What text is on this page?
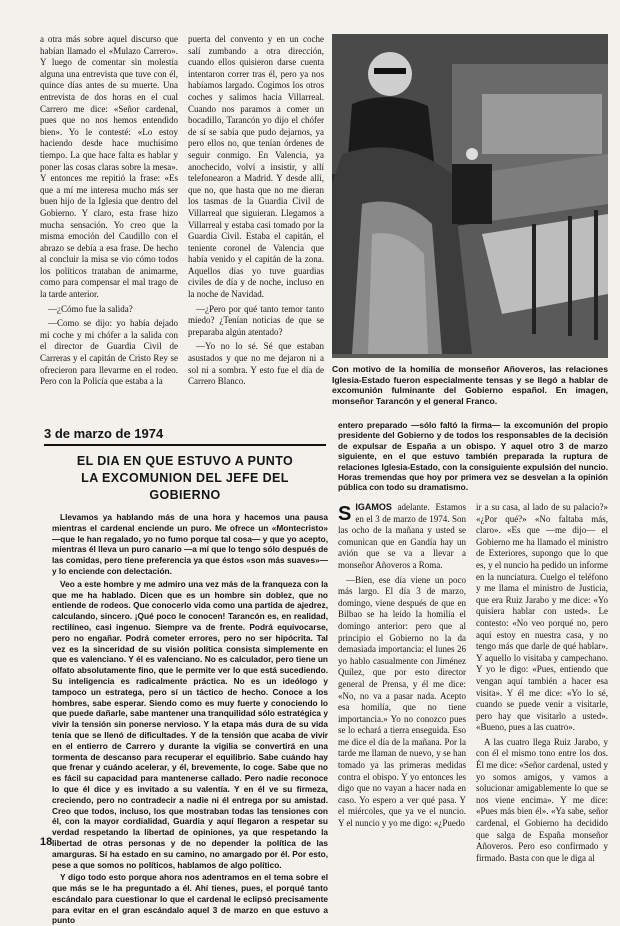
a otra más sobre aquel discurso que habían llamado el «Mulazo Carrero». Y luego de comentar sin molestia alguna una entrevista que tuve con él, quince días antes de su muerte. Una entrevista de dos horas en el cual Carrero me dice: «Señor cardenal, pues que no nos hemos entendido bien». Yo le contesté: «Lo estoy haciendo desde hace muchísimo tiempo. La que hace falta es hablar y poner las cosas claras sobre la mesa». Y entonces me repitió la frase: «Es que a mí me interesa mucho más ser buen hijo de la Iglesia que dentro del Gobierno. Y claro, esta frase hizo mucha sensación. Yo creo que la misma emoción del Caudillo con el abrazo se debía a esa frase. De hecho al concluir la misa se vio cómo todos los políticos trataban de animarme, como para compensar el mal trago de la tarde anterior.

—¿Cómo fue la salida?

—Como se dijo: yo había dejado mi coche y mi chófer a la salida con el director de Guardia Civil de Carreras y el capitán de Cristo Rey se ofrecieron para llevarme en el rodeo. Pero con la Policía que estaba a la

puerta del convento y en un coche salí zumbando a otra dirección, cuando ellos quisieron darse cuenta intentaron correr tras él, pero ya nos habíamos largado. Cogimos los otros coches y salimos hacia Villarreal. Cuando nos paramos a comer un bocadillo, Tarancón yo dijo el chófer de sí se sabía que pudo dejarnos, ya pero ellos no, que tenían órdenes de seguir conmigo. En Valencia, ya anochecido, volví a insistir, y allí telefonearon a Madrid. Y desde allí, que no, que hasta que no me dieran los tasmas de la Guardia Civil de Villarreal que siguieran. Llegamos a Villarreal y estaba casi tomado por la Guardia Civil. Estaba el capitán, el teniente coronel de Valencia que había venido y el capitán de la zona. Aquellos días yo tuve guardias civiles de día y de noche, incluso en la noche de Navidad.

—¿Pero por qué tanto temor tanto miedo? ¿Tenían noticias de que se preparaba algún atentado?

—Yo no lo sé. Sé que estaban asustados y que no me dejaron ni a sol ni a sombra. Y esto fue el día de Carrero Blanco.

Con motivo de la homilía de monseñor Añoveros, las relaciones Iglesia-Estado fueron especialmente tensas y se llegó a hablar de excomunión fulminante del Gobierno español. En imagen, monseñor Tarancón y el general Franco.
3 de marzo de 1974
EL DIA EN QUE ESTUVO A PUNTO
LA EXCOMUNION DEL JEFE DEL GOBIERNO

Llevamos ya hablando más de una hora y hacemos una pausa mientras el cardenal enciende un puro. Me ofrece un «Montecristo» —que le han regalado, yo no fumo porque tal cosa— y que yo acepto, mientras él lleva un puro canario —a mí que lo tengo sólo después de las comidas, pero tiene preferencia ya que éstos «son más suaves»— y lo enciende con delectación.

Veo a este hombre y me admiro una vez más de la franqueza con la que me ha hablado. Dicen que es un hombre sin doblez, que no entiende de rodeos. Que conocerlo vida como una partida de ajedrez, calculando, sincero. ¡Qué poco le conocen! Tarancón es, en realidad, rectilíneo, casi ingenuo. Siempre va de frente. Podrá equivocarse, pero no engañar. Podrá cometer errores, pero no ser hipócrita. Tal vez es la sinceridad de su visión política consista simplemente en que es valenciano. Y él es valenciano. No es calculador, pero tiene un olfato absolutamente fino, que le permite ver lo que está sucediendo. Su inteligencia es radicalmente práctica. No es un ideólogo y tampoco un estratega, pero sí un táctico de hecho. Conoce a los hombres, sabe esperar. Siendo como es muy fuerte y conociendo lo que puede dañarle, sabe mantener una tranquilidad sólo estratégica y vivir la tensión sin ponerse nervioso. Y la etapa más dura de su vida tenía que se llenó de dificultades. Y de la tensión que acaba de vivir en el entierro de Carrero y durante la vigilia se convertirá en una tormenta de descanso para recuperar el equilibrio. Sabe cuándo hay que frenar y cuándo acelerar, y él, brevemente, lo coge. Sabe que no es fácil su capacidad para mantenerse callado. Pero nadie reconoce lo que él dice y es invitado a su valentía. Y en él ve su firmeza, creciendo, pero no contradecir a nadie ni él entrega por su amistad. Creo que todos, incluso, los que mostraban todas las tensiones con él, con la mayor cordialidad, Guardia y aquí llegaron a respetar su verdad respetando la libertad de opiniones, ya que respetando la libertad de otras personas y de no depender la política de las amarguras. Sí ha estado en su camino, no amargado por él. Por esto, pese a que somos no políticos, hablamos de algo político.

Y digo todo esto porque ahora nos adentramos en el tema sobre el que más se le ha preguntado a él. Ahí tienes, pues, el porqué tanto escándalo para cuestionar lo que el cardenal le eclipsó precisamente para evitar en el gran escándalo aquel 3 de marzo en que estuvo a punto

entero preparado —sólo faltó la firma— la excomunión del propio presidente del Gobierno y de todos los responsables de la decisión de expulsar de España a un obispo. Y aquel otro 3 de marzo siguiente, en el que estuvo también preparada la ruptura de relaciones Iglesia-Estado, con la consiguiente expulsión del nuncio. Horas tremendas que hoy por primera vez se desvelan a la opinión pública con todo su dramatismo.

SIGAMOS adelante. Estamos en el 3 de marzo de 1974. Son las ocho de la mañana y usted se comunican que en Gandía hay un avión que se va a llevar a monseñor Añoveros a Roma.

—Bien, ese día viene un poco más largo. El día 3 de marzo, domingo, viene después de que en Bilbao se ha leído la homilía el domingo anterior: pero que al principio el Gobierno no la da demasiada importancia: el lunes 26 yo hablo casualmente con Jiménez Quílez, que por esto director general de Prensa, y él me dice: «No, no va a pasar nada. Acepto esa homilía, que no tiene importancia.» Yo no conozco pues se lo echará a tierra enseguida. Eso me dice el día de la mañana. Por la tarde me llaman de nuevo, y se han tomado ya las primeras medidas contra el obispo. Y yo entonces les digo que no vayan a hacer nada en caso. Yo espero a ver qué pasa. Y el miércoles, que ya ve el nuncio. Y el nuncio y yo me digo: «¿Puedo

ir a su casa, al lado de su palacio?» «¿Por qué?» «No faltaba más, claro». «Es que —me dijo— el Gobierno me ha llamado el ministro de Exteriores, supongo que lo que es, y el nuncio ha pedido un informe en la nunciatura. Cuelgo el teléfono y me llama el ministro de Justicia, que era Ruiz Jarabo y me dice: «Yo quisiera hablar con usted». Le contesto: «No veo porqué no, pero aquí estoy en nuestra casa, y no tengo más que darle de qué hablar». Y aquello lo visitaba y campechano. Y yo le digo: «Pues, entiendo que vengan aquí también a hacer esa visita». Y él me dice: «Yo lo sé, cuando se puede venir a visitarle, pero hay que visitarlo a usted». «Bueno, pues a las cuatro».

A las cuatro llega Ruiz Jarabo, y con él el mismo tono entre los dos. Él me dice: «Señor cardenal, usted y yo somos amigos, y vamos a solucionar amigablemente lo que se nos viene encima». Y me dice: «Pues más bien él». «Ya sabe, señor cardenal, el Gobierno ha decidido que salga de España monseñor Añoveros. Pero eso confirmado y firmado. Basta con que le diga al

18
